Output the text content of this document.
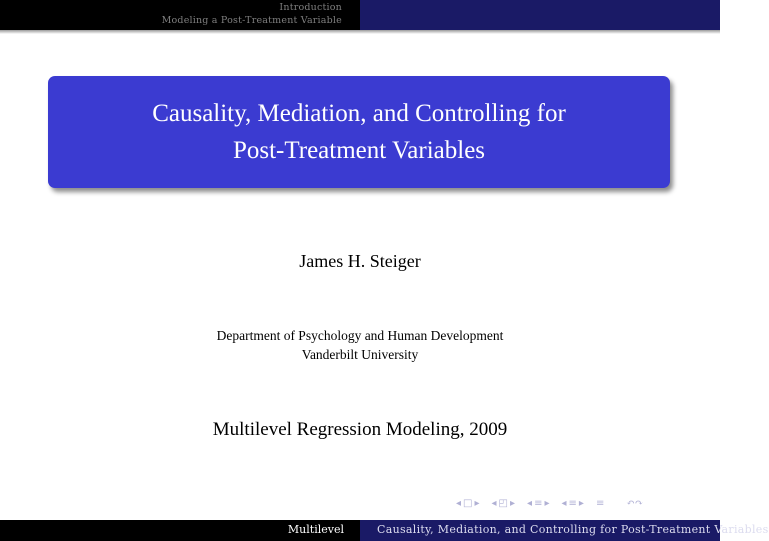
Introduction
Modeling a Post-Treatment Variable
Causality, Mediation, and Controlling for
Post-Treatment Variables
James H. Steiger
Department of Psychology and Human Development
Vanderbilt University
Multilevel Regression Modeling, 2009
◂ □ ▸ ◂ ◰ ▸ ◂ ≡ ▸ ◂ ≡ ▸ ≡ ↶↷
Multilevel	Causality, Mediation, and Controlling for Post-Treatment Variables
